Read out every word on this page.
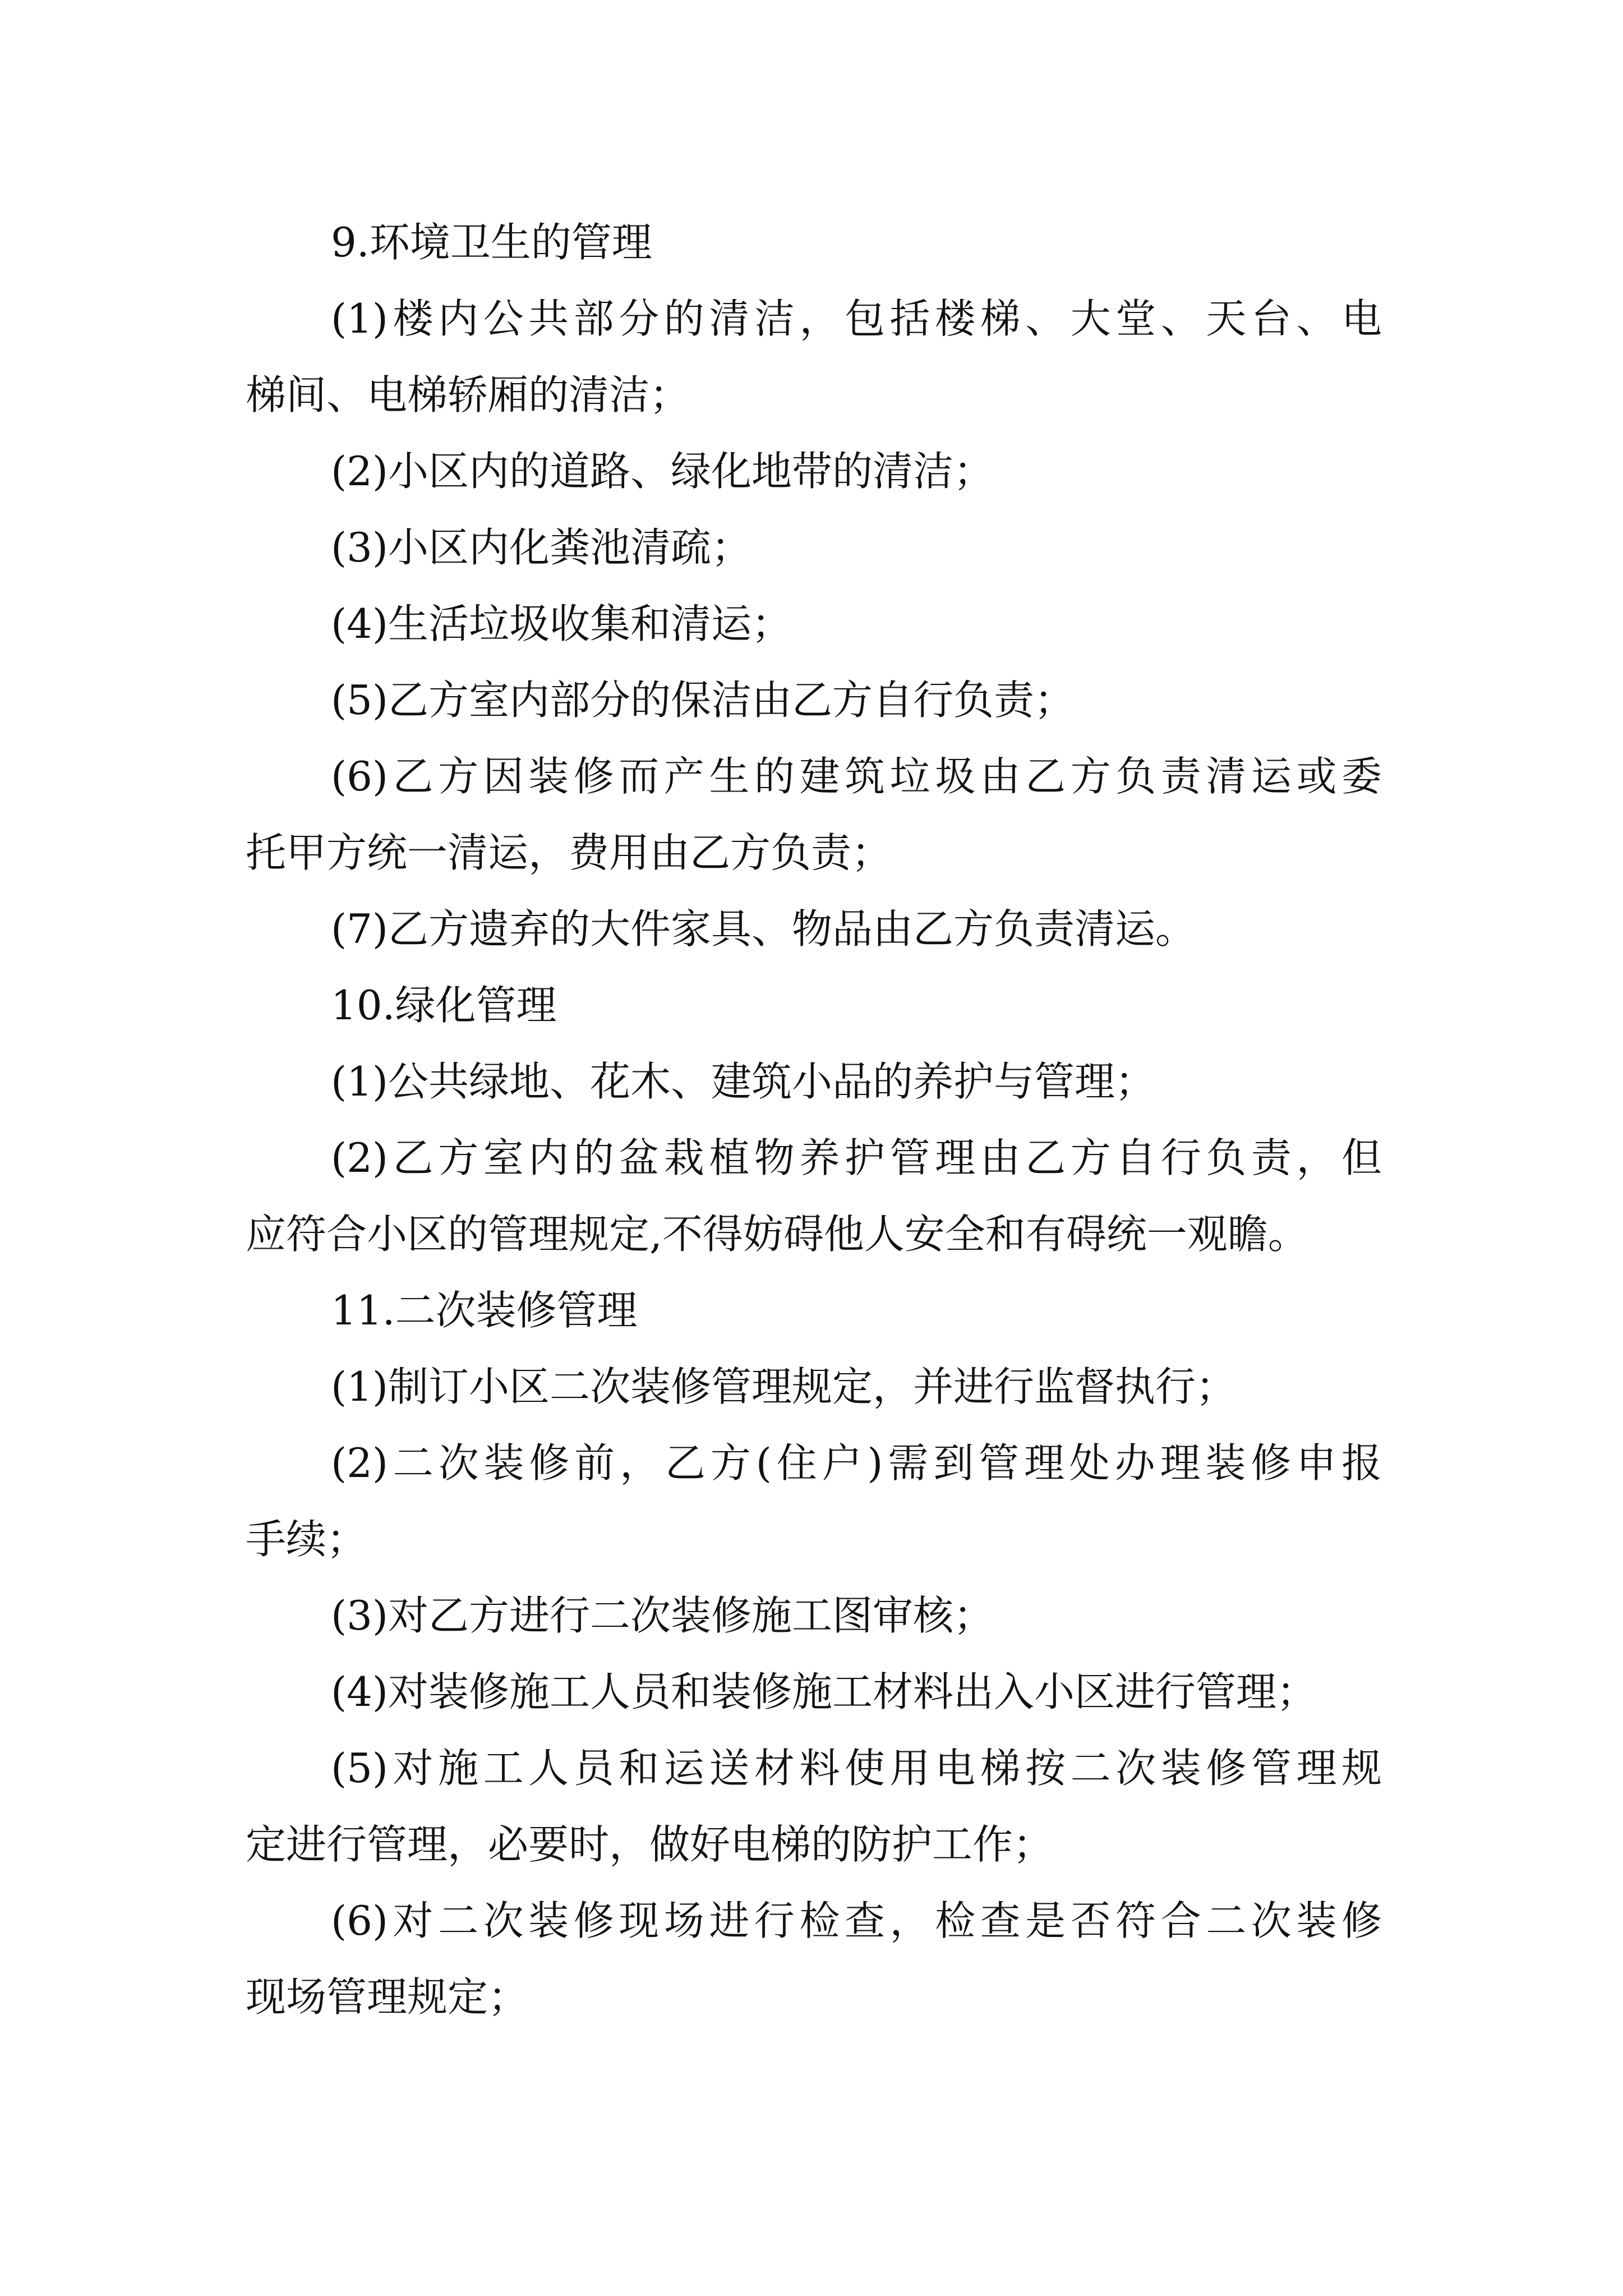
9.环境卫生的管理
(1)楼内公共部分的清洁，包括楼梯、大堂、天台、电
梯间、电梯轿厢的清洁；
(2)小区内的道路、绿化地带的清洁；
(3)小区内化粪池清疏；
(4)生活垃圾收集和清运；
(5)乙方室内部分的保洁由乙方自行负责；
(6)乙方因装修而产生的建筑垃圾由乙方负责清运或委
托甲方统一清运，费用由乙方负责；
(7)乙方遗弃的大件家具、物品由乙方负责清运。
10.绿化管理
(1)公共绿地、花木、建筑小品的养护与管理；
(2)乙方室内的盆栽植物养护管理由乙方自行负责，但
应符合小区的管理规定,不得妨碍他人安全和有碍统一观瞻。
11.二次装修管理
(1)制订小区二次装修管理规定，并进行监督执行；
(2)二次装修前，乙方(住户)需到管理处办理装修申报
手续；
(3)对乙方进行二次装修施工图审核；
(4)对装修施工人员和装修施工材料出入小区进行管理；
(5)对施工人员和运送材料使用电梯按二次装修管理规
定进行管理，必要时，做好电梯的防护工作；
(6)对二次装修现场进行检查，检查是否符合二次装修
现场管理规定；
